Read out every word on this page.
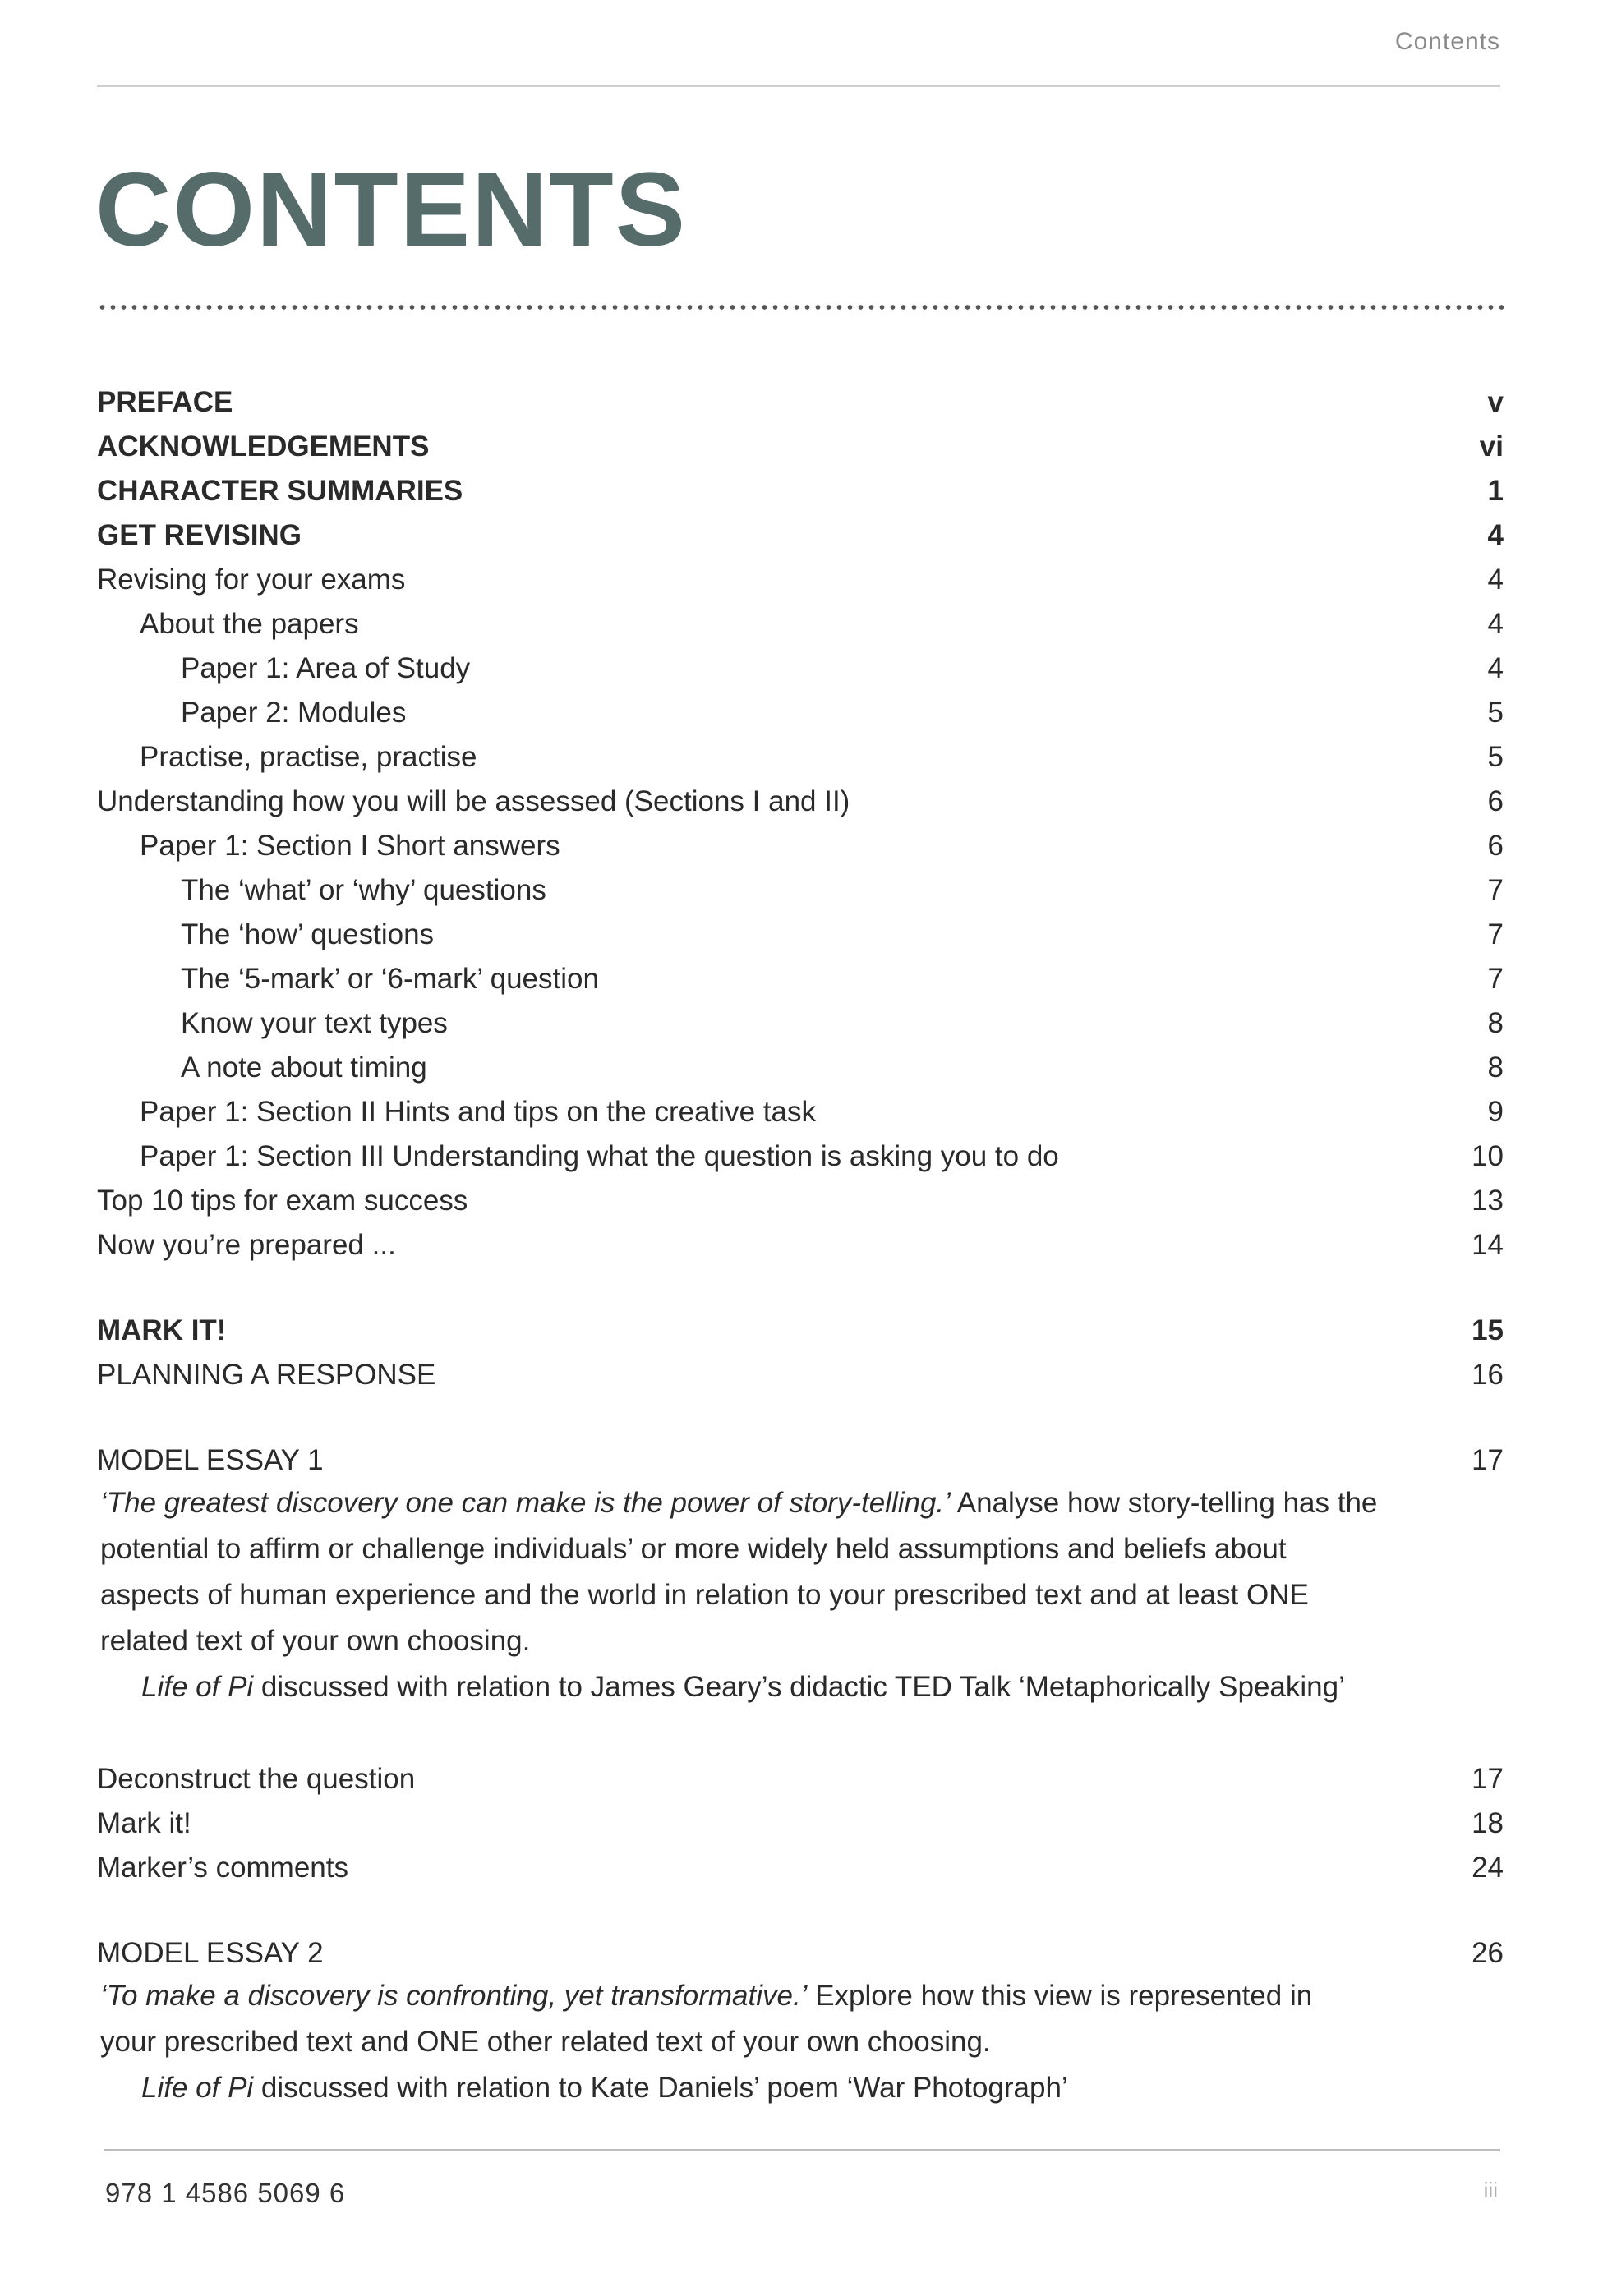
Contents
CONTENTS
PREFACE	v
ACKNOWLEDGEMENTS	vi
CHARACTER SUMMARIES	1
GET REVISING	4
Revising for your exams	4
About the papers	4
Paper 1: Area of Study	4
Paper 2: Modules	5
Practise, practise, practise	5
Understanding how you will be assessed (Sections I and II)	6
Paper 1: Section I Short answers	6
The ‘what’ or ‘why’ questions	7
The ‘how’ questions	7
The ‘5-mark’ or ‘6-mark’ question	7
Know your text types	8
A note about timing	8
Paper 1: Section II Hints and tips on the creative task	9
Paper 1: Section III Understanding what the question is asking you to do	10
Top 10 tips for exam success	13
Now you’re prepared ...	14
MARK IT!	15
PLANNING A RESPONSE	16
MODEL ESSAY 1	17
‘The greatest discovery one can make is the power of story-telling.’ Analyse how story-telling has the potential to affirm or challenge individuals’ or more widely held assumptions and beliefs about aspects of human experience and the world in relation to your prescribed text and at least ONE related text of your own choosing.
Life of Pi discussed with relation to James Geary’s didactic TED Talk ‘Metaphorically Speaking’
Deconstruct the question	17
Mark it!	18
Marker’s comments	24
MODEL ESSAY 2	26
‘To make a discovery is confronting, yet transformative.’ Explore how this view is represented in your prescribed text and ONE other related text of your own choosing.
Life of Pi discussed with relation to Kate Daniels’ poem ‘War Photograph’
978 1 4586 5069 6	iii
